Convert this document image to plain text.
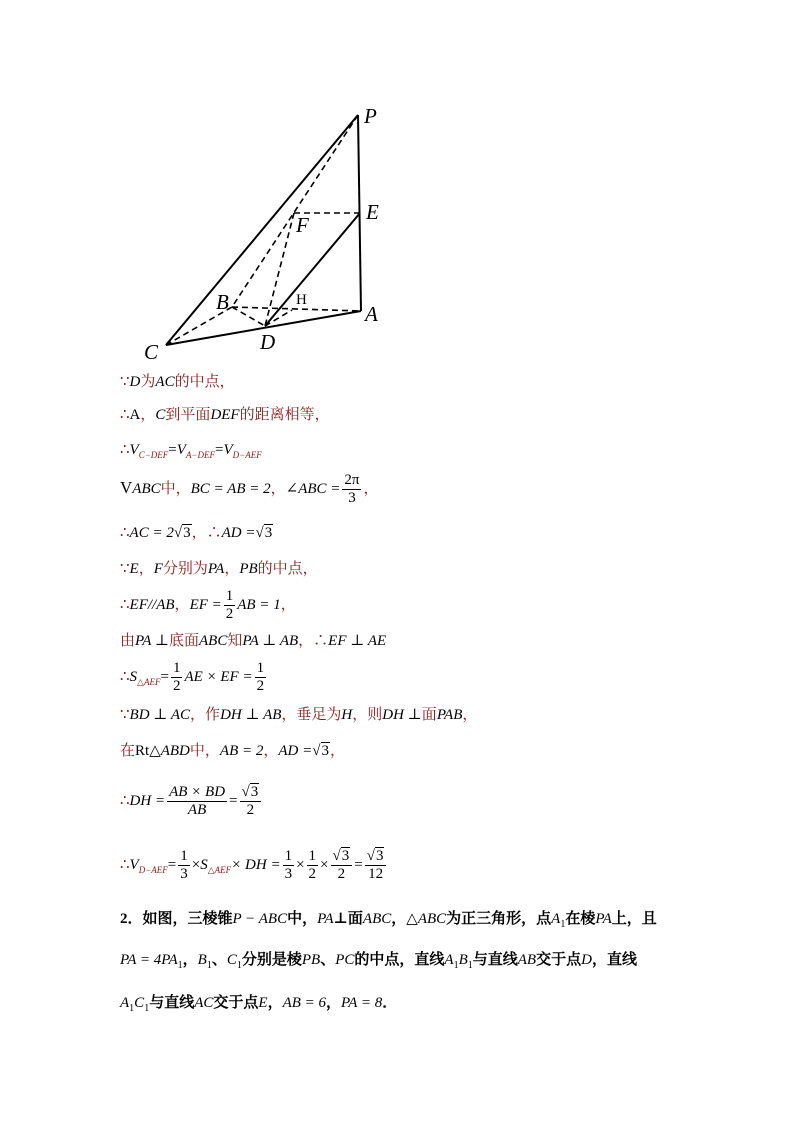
P
E
F
B	H
A
C	D
∵D为AC的中点，
∴A，C到平面DEF的距离相等，
$\therefore V_{C-DEF}=V_{A-DEF}=V_{D-AEF}$
VABC中，BC = AB = 2，∠ABC = $\frac{2\pi}{3}$ ，
∴AC = 2√3，∴AD =√3
∵E，F分别为PA，PB的中点，
∴EF//AB，EF = $\frac{1}{2}$ AB = 1，
由PA ⊥底面ABC知PA ⊥ AB，∴EF ⊥ AE
$\therefore S_{\triangle AEF}= \frac{1}{2}$ AE × EF = $\frac{1}{2}$
∵BD ⊥ AC，作DH ⊥ AB，垂足为H，则DH ⊥面PAB，
在Rt△ABD中，AB = 2，AD =√3，
∴DH = $\frac{AB \times BD}{AB} = \frac{√3}{2}$
$\therefore V_{D-AEF}= \frac{1}{3} \times S_{\triangle AEF}\times$ DH = $\frac{1}{3} \times \frac{1}{2} \times \frac{√3}{2} = \frac{√3}{12}$
2．如图，三棱锥P − ABC中，PA⊥面ABC，△ABC为正三角形，点$A_1$在棱PA上，且
PA = $4PA_1$，$B_1$、$C_1$分别是棱PB、PC的中点，直线$A_1B_1$与直线AB交于点D，直线
$A_1C_1$与直线AC交于点E，AB = 6，PA = 8．
